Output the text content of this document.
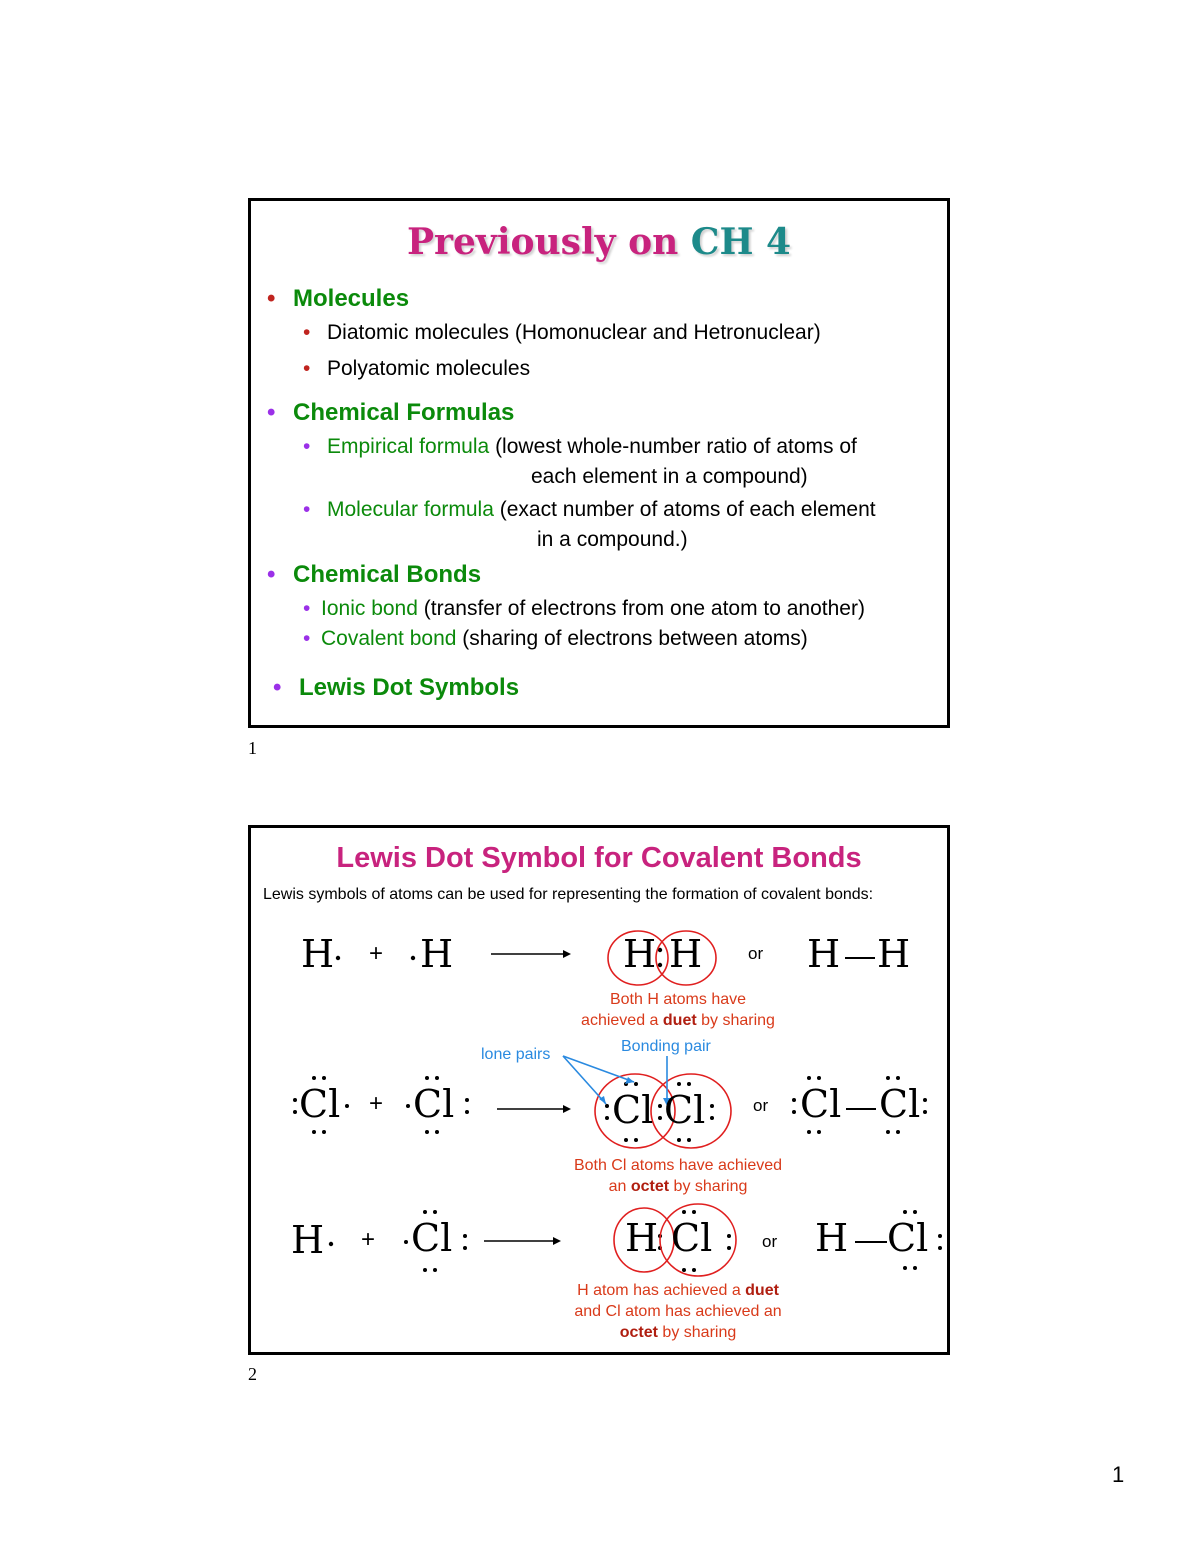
Previously on CH 4
• Molecules
• Diatomic molecules (Homonuclear and Hetronuclear)
• Polyatomic molecules
• Chemical Formulas
• Empirical formula (lowest whole-number ratio of atoms of
each element in a compound)
• Molecular formula (exact number of atoms of each element
in a compound.)
• Chemical Bonds
• Ionic bond (transfer of electrons from one atom to another)
• Covalent bond (sharing of electrons between atoms)
• Lewis Dot Symbols
1
Lewis Dot Symbol for Covalent Bonds
Lewis symbols of atoms can be used for representing the formation of covalent bonds:
H + H	H H	or H H
Both H atoms have
achieved a duet by sharing
lone pairs	Bonding pair
Cl + Cl	Cl Cl	or Cl Cl
Both Cl atoms have achieved
an octet by sharing
H + Cl	H Cl	or H Cl
H atom has achieved a duet
and Cl atom has achieved an
octet by sharing
2
1
